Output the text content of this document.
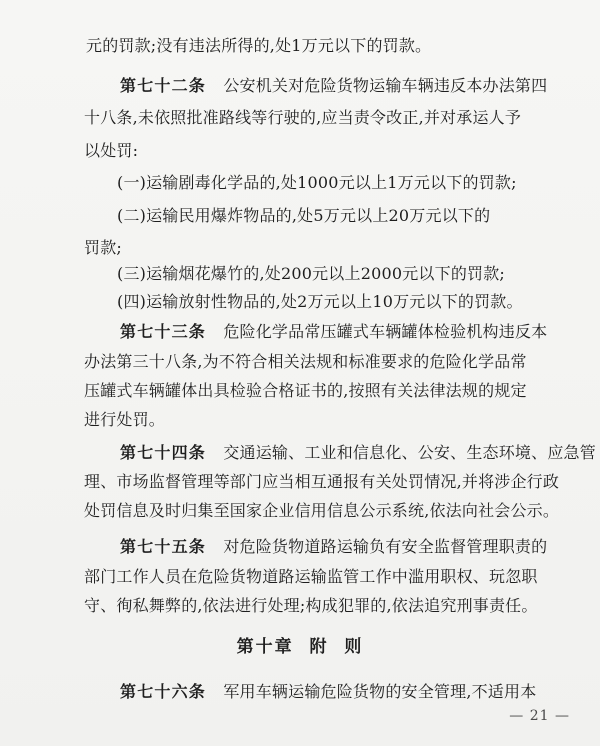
元的罚款;没有违法所得的,处1万元以下的罚款。
第七十二条 公安机关对危险货物运输车辆违反本办法第四
十八条,未依照批准路线等行驶的,应当责令改正,并对承运人予
以处罚:
(一)运输剧毒化学品的,处1000元以上1万元以下的罚款;
(二)运输民用爆炸物品的,处5万元以上20万元以下的
罚款;
(三)运输烟花爆竹的,处200元以上2000元以下的罚款;
(四)运输放射性物品的,处2万元以上10万元以下的罚款。
第七十三条 危险化学品常压罐式车辆罐体检验机构违反本
办法第三十八条,为不符合相关法规和标准要求的危险化学品常
压罐式车辆罐体出具检验合格证书的,按照有关法律法规的规定
进行处罚。
第七十四条 交通运输、工业和信息化、公安、生态环境、应急管
理、市场监督管理等部门应当相互通报有关处罚情况,并将涉企行政
处罚信息及时归集至国家企业信用信息公示系统,依法向社会公示。
第七十五条 对危险货物道路运输负有安全监督管理职责的
部门工作人员在危险货物道路运输监管工作中滥用职权、玩忽职
守、徇私舞弊的,依法进行处理;构成犯罪的,依法追究刑事责任。
第十章  附  则
第七十六条 军用车辆运输危险货物的安全管理,不适用本
— 21 —
